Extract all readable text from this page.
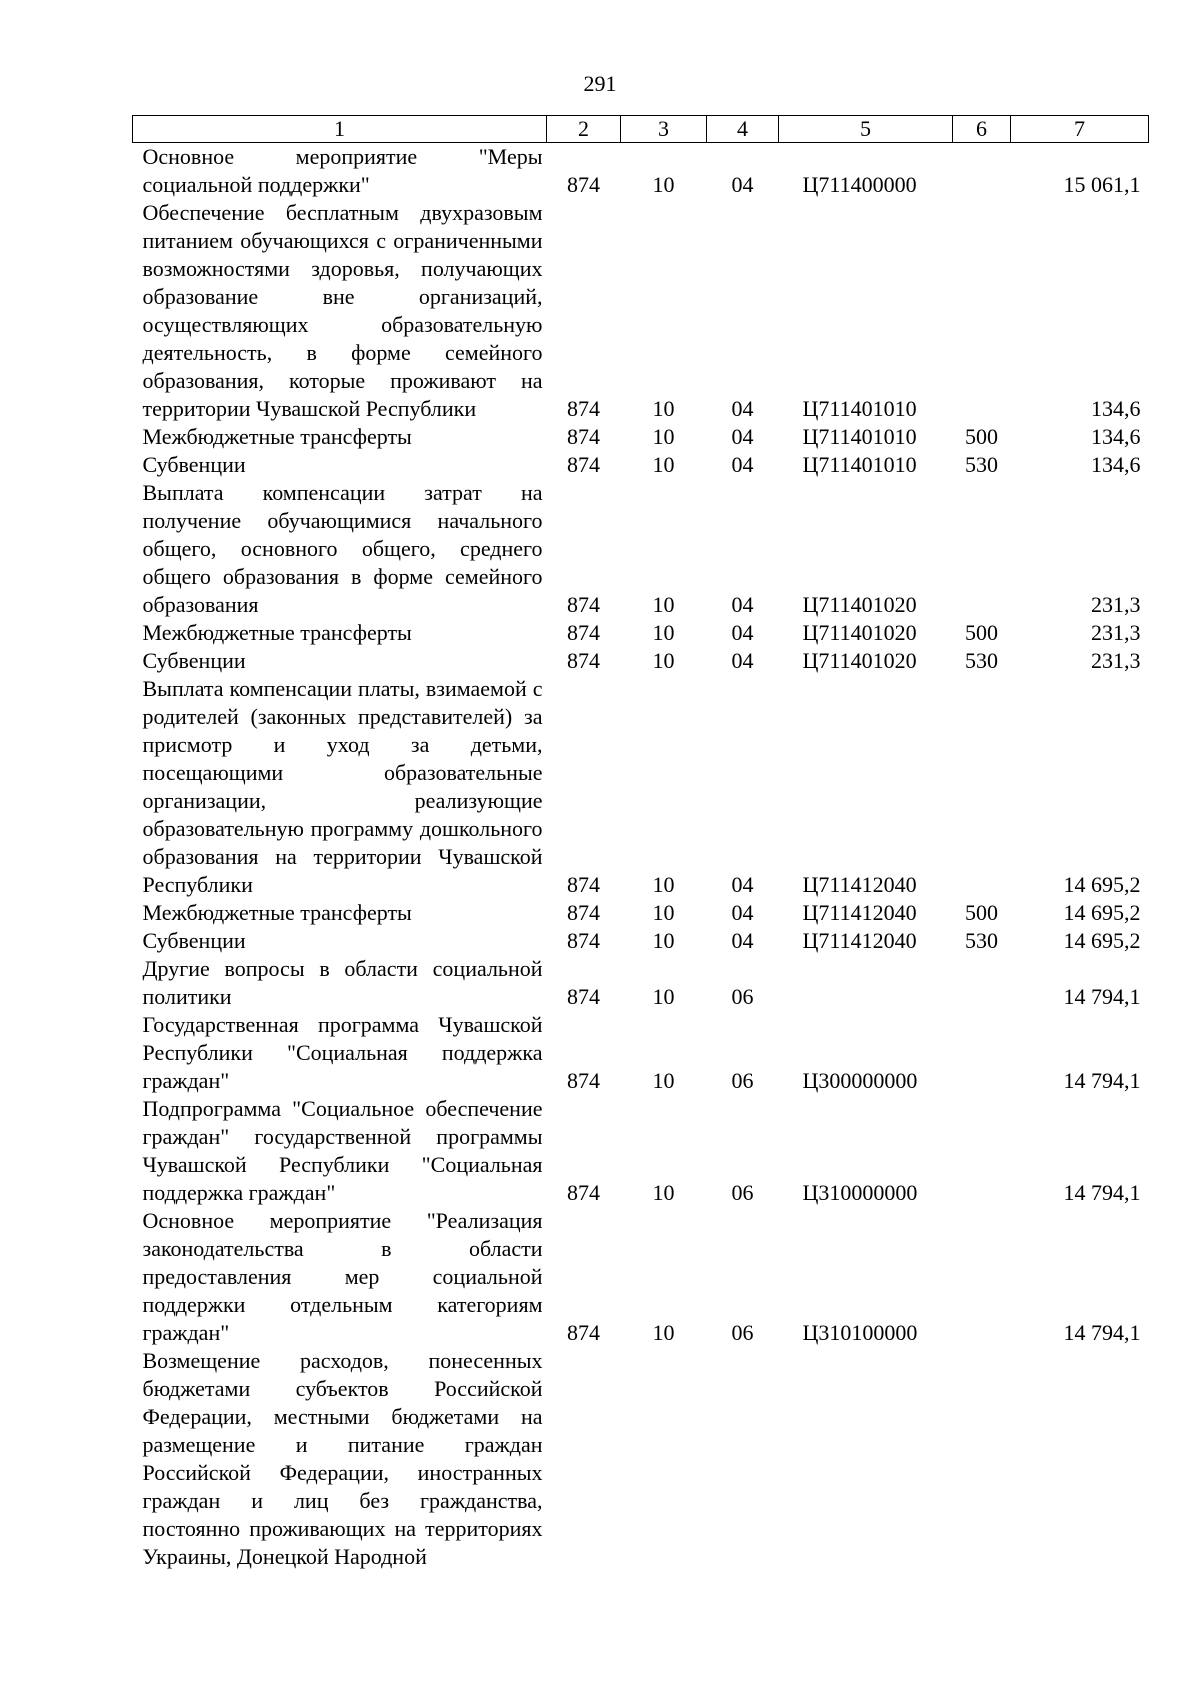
291
1	2	3	4	5	6	7
Основное мероприятие "Меры социальной поддержки"	874	10	04	Ц711400000		15 061,1
Обеспечение бесплатным двухразовым питанием обучающихся с ограниченными возможностями здоровья, получающих образование вне организаций, осуществляющих образовательную деятельность, в форме семейного образования, которые проживают на территории Чувашской Республики	874	10	04	Ц711401010		134,6
Межбюджетные трансферты	874	10	04	Ц711401010	500	134,6
Субвенции	874	10	04	Ц711401010	530	134,6
Выплата компенсации затрат на получение обучающимися начального общего, основного общего, среднего общего образования в форме семейного образования	874	10	04	Ц711401020		231,3
Межбюджетные трансферты	874	10	04	Ц711401020	500	231,3
Субвенции	874	10	04	Ц711401020	530	231,3
Выплата компенсации платы, взимаемой с родителей (законных представителей) за присмотр и уход за детьми, посещающими образовательные организации, реализующие образовательную программу дошкольного образования на территории Чувашской Республики	874	10	04	Ц711412040		14 695,2
Межбюджетные трансферты	874	10	04	Ц711412040	500	14 695,2
Субвенции	874	10	04	Ц711412040	530	14 695,2
Другие вопросы в области социальной политики	874	10	06			14 794,1
Государственная программа Чувашской Республики "Социальная поддержка граждан"	874	10	06	Ц300000000		14 794,1
Подпрограмма "Социальное обеспечение граждан" государственной программы Чувашской Республики "Социальная поддержка граждан"	874	10	06	Ц310000000		14 794,1
Основное мероприятие "Реализация законодательства в области предоставления мер социальной поддержки отдельным категориям граждан"	874	10	06	Ц310100000		14 794,1
Возмещение расходов, понесенных бюджетами субъектов Российской Федерации, местными бюджетами на размещение и питание граждан Российской Федерации, иностранных граждан и лиц без гражданства, постоянно проживающих на территориях Украины, Донецкой Народной						
